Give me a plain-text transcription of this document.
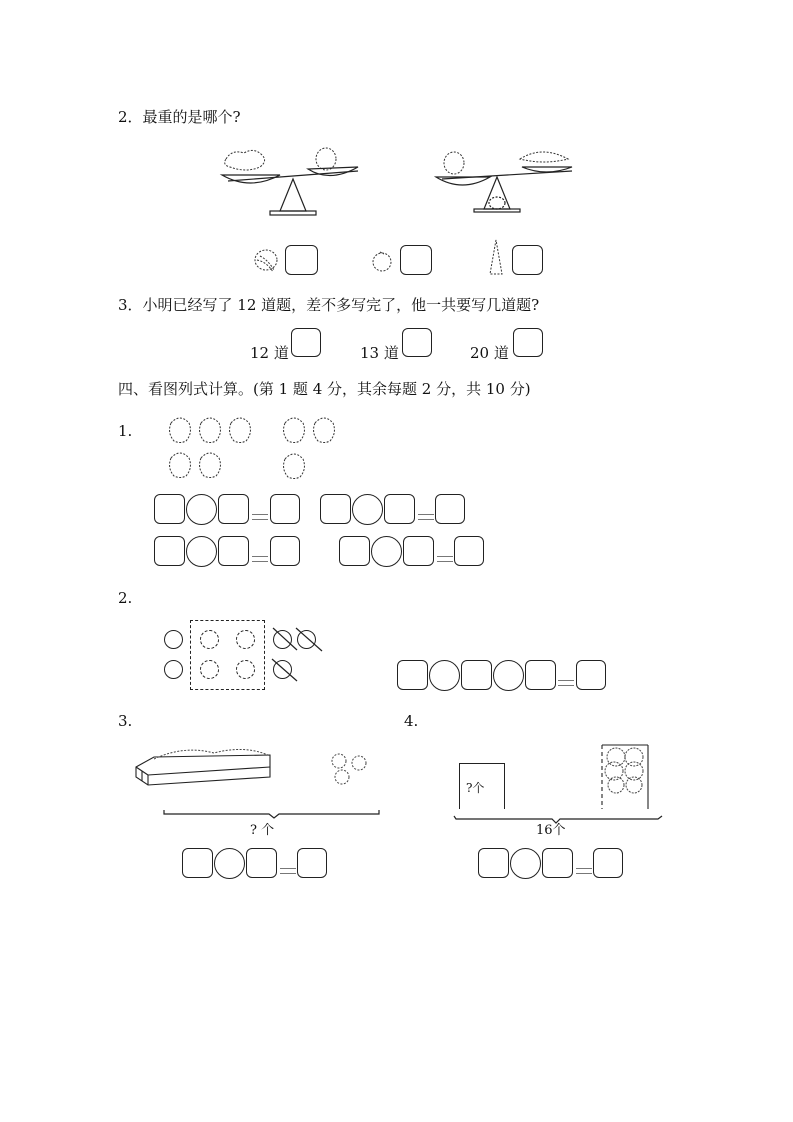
2．最重的是哪个?
3．小明已经写了 12 道题，差不多写完了，他一共要写几道题?
12 道	13 道	20 道
四、看图列式计算。(第 1 题 4 分，其余每题 2 分，共 10 分)
1.
2.
3.
? 个
4.
?个
16个
